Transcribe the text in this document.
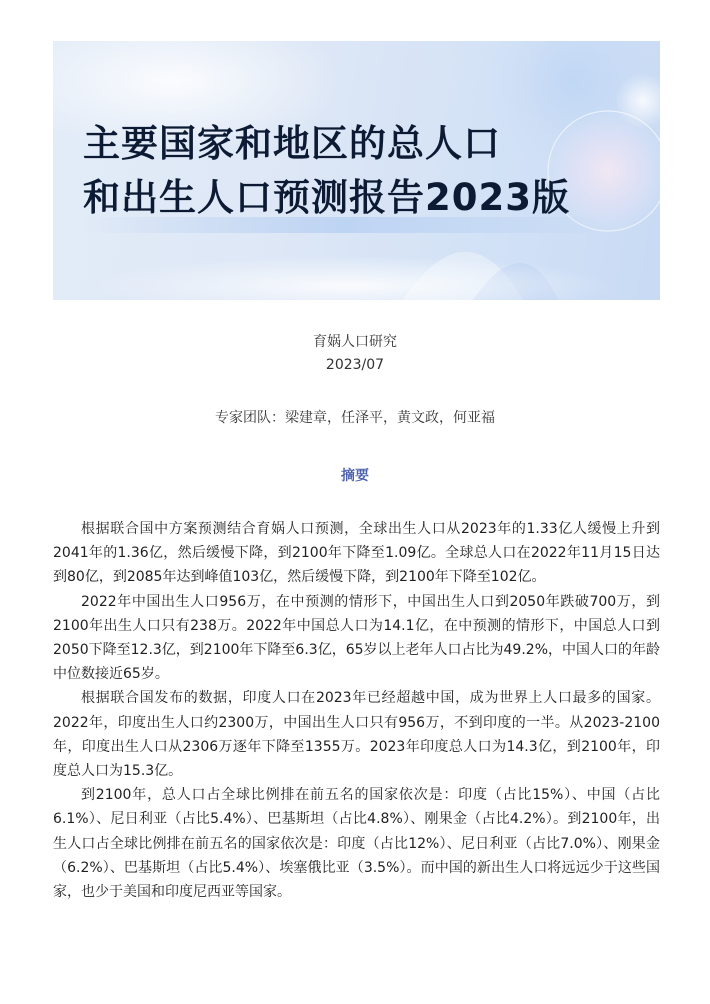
主要国家和地区的总人口
和出生人口预测报告2023版
育娲人口研究
2023/07
专家团队：梁建章，任泽平，黄文政，何亚福
摘要

根据联合国中方案预测结合育娲人口预测，全球出生人口从2023年的1.33亿人缓慢上升到2041年的1.36亿，然后缓慢下降，到2100年下降至1.09亿。全球总人口在2022年11月15日达到80亿，到2085年达到峰值103亿，然后缓慢下降，到2100年下降至102亿。

2022年中国出生人口956万，在中预测的情形下，中国出生人口到2050年跌破700万，到2100年出生人口只有238万。2022年中国总人口为14.1亿，在中预测的情形下，中国总人口到2050下降至12.3亿，到2100年下降至6.3亿，65岁以上老年人口占比为49.2%，中国人口的年龄中位数接近65岁。

根据联合国发布的数据，印度人口在2023年已经超越中国，成为世界上人口最多的国家。2022年，印度出生人口约2300万，中国出生人口只有956万，不到印度的一半。从2023-2100年，印度出生人口从2306万逐年下降至1355万。2023年印度总人口为14.3亿，到2100年，印度总人口为15.3亿。

到2100年，总人口占全球比例排在前五名的国家依次是：印度（占比15%）、中国（占比6.1%）、尼日利亚（占比5.4%）、巴基斯坦（占比4.8%）、刚果金（占比4.2%）。到2100年，出生人口占全球比例排在前五名的国家依次是：印度（占比12%）、尼日利亚（占比7.0%）、刚果金（6.2%）、巴基斯坦（占比5.4%）、埃塞俄比亚（3.5%）。而中国的新出生人口将远远少于这些国家，也少于美国和印度尼西亚等国家。
